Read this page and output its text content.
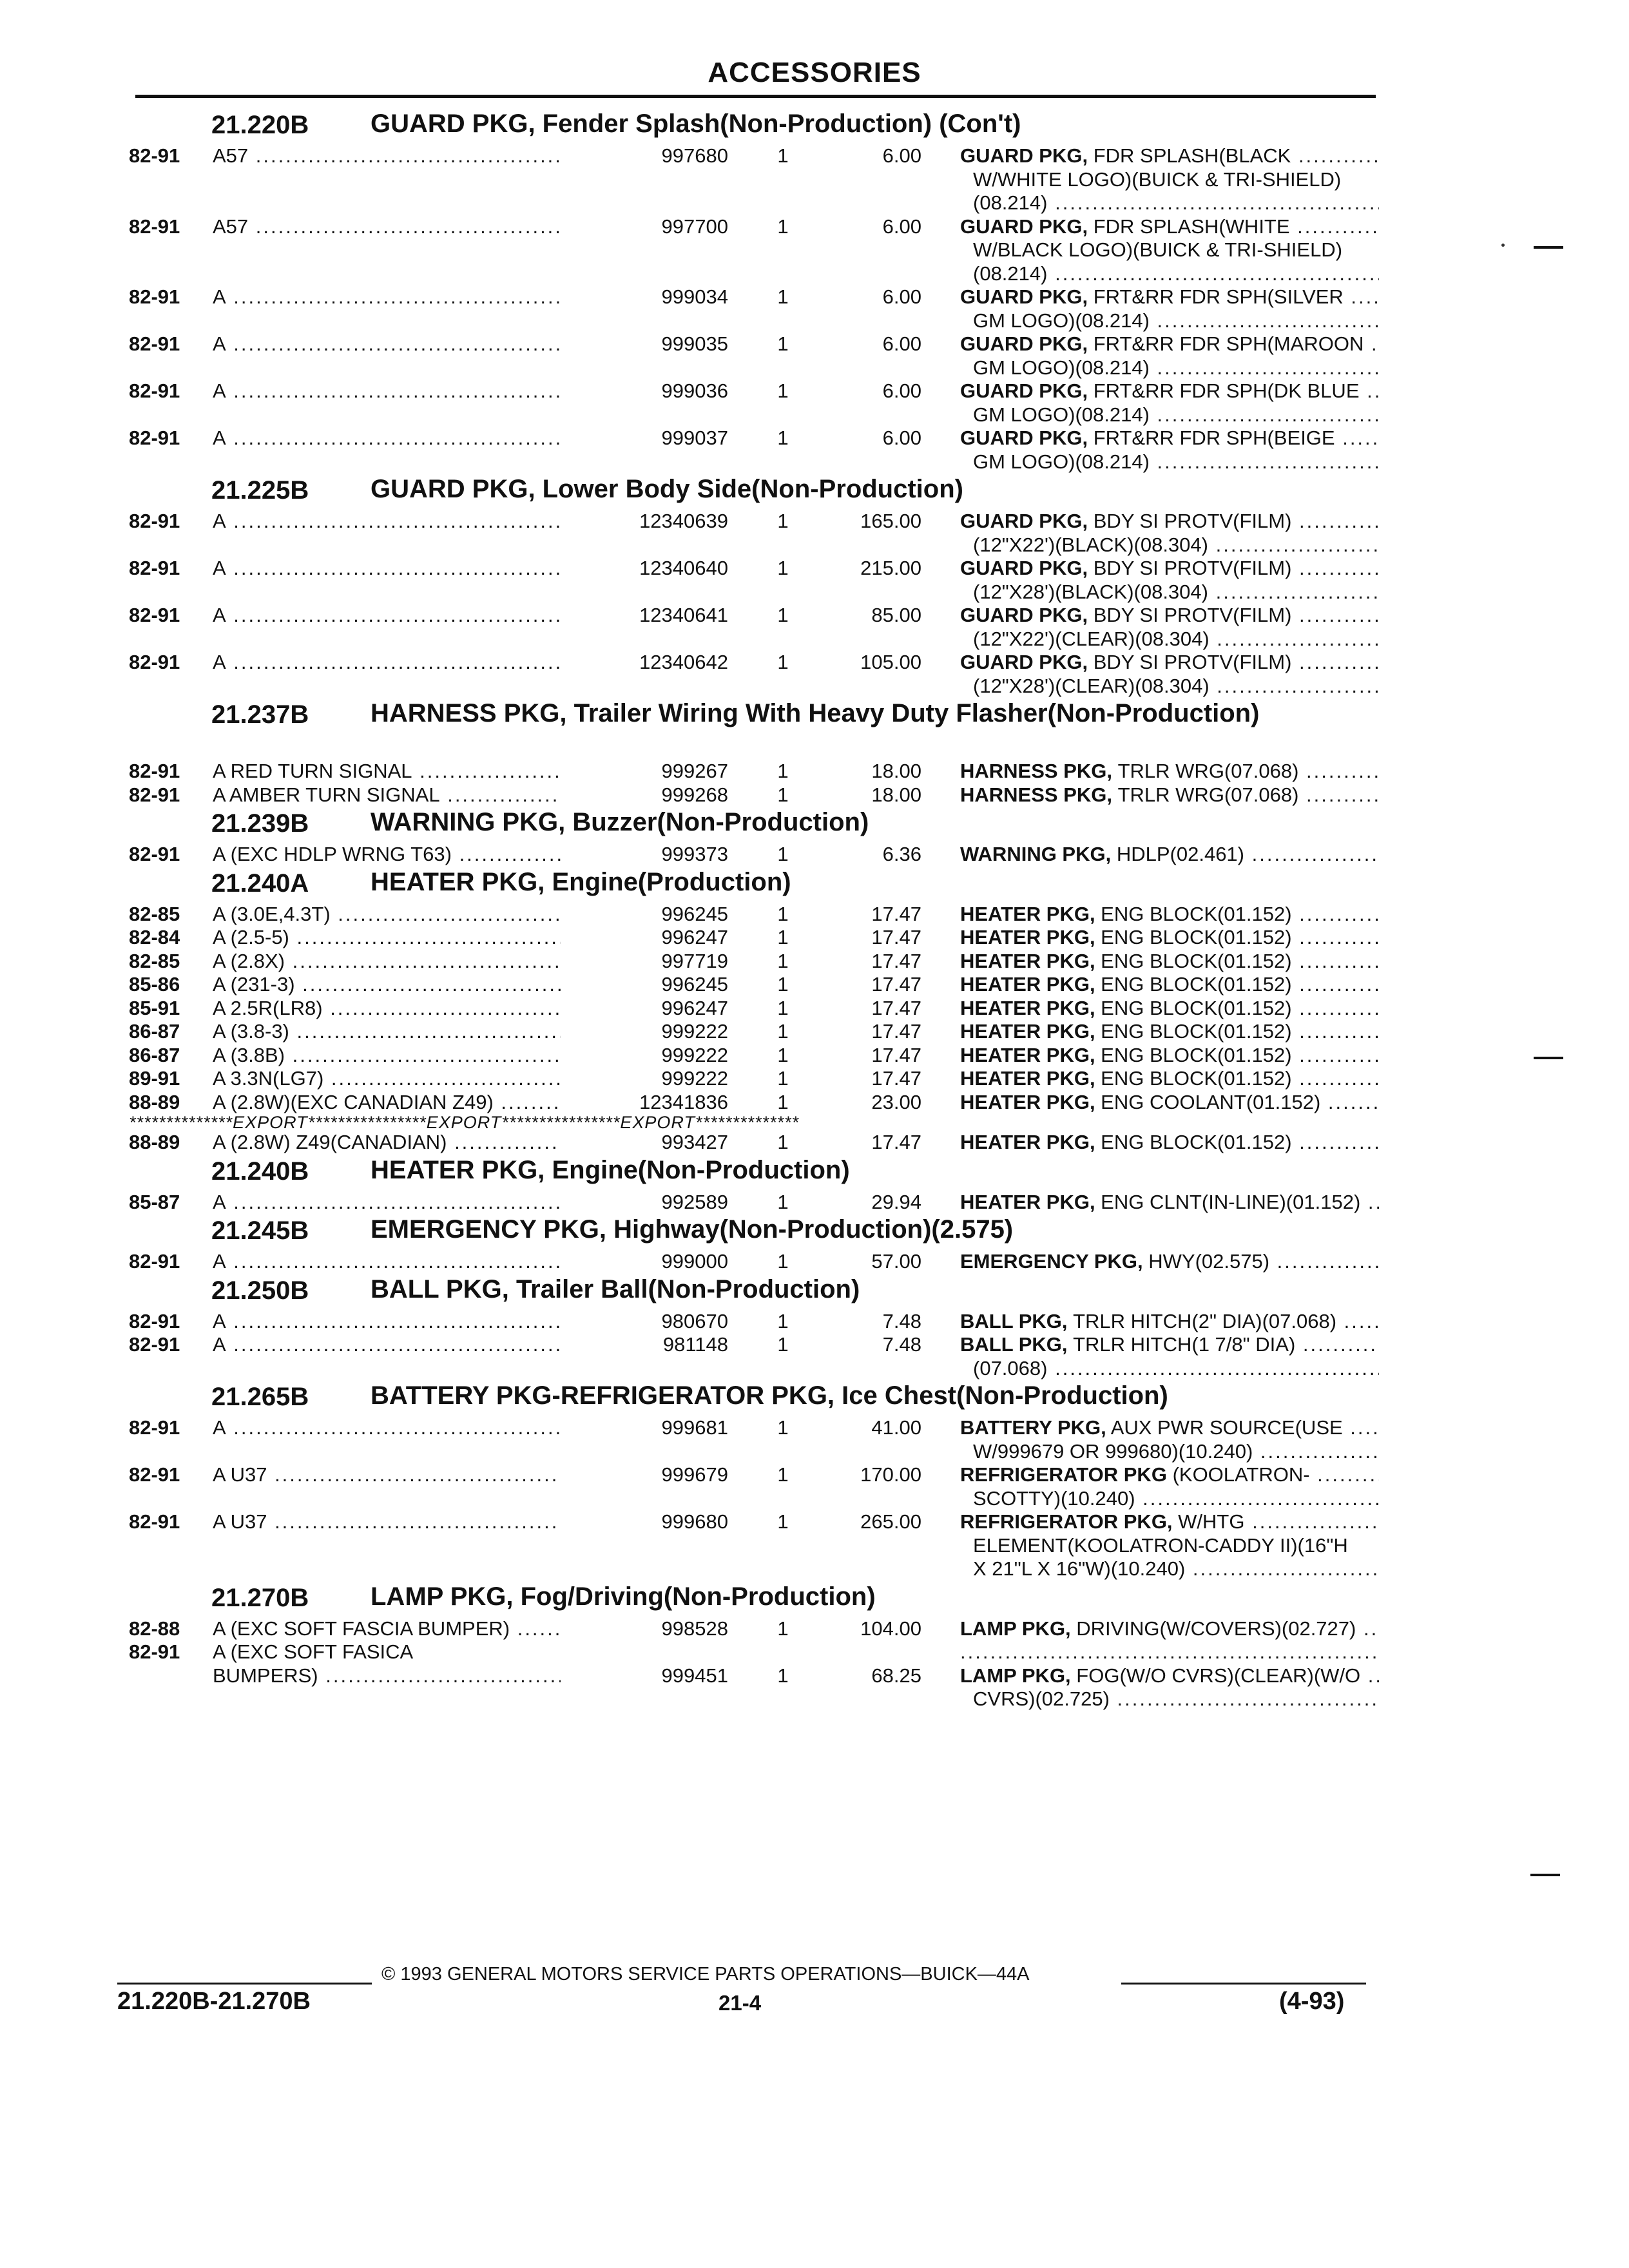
ACCESSORIES
21.220B GUARD PKG, Fender Splash(Non-Production) (Con't)
82-91 A57 .....	997680 1	6.00 GUARD PKG, FDR SPLASH(BLACK .....
W/WHITE LOGO)(BUICK & TRI-SHIELD)
(08.214) .....
82-91 A57 .....	997700 1	6.00 GUARD PKG, FDR SPLASH(WHITE .....
W/BLACK LOGO)(BUICK & TRI-SHIELD)
(08.214) .....
82-91 A .....	999034 1	6.00 GUARD PKG, FRT&RR FDR SPH(SILVER .....
GM LOGO)(08.214) .....
82-91 A .....	999035 1	6.00 GUARD PKG, FRT&RR FDR SPH(MAROON .....
GM LOGO)(08.214) .....
82-91 A .....	999036 1	6.00 GUARD PKG, FRT&RR FDR SPH(DK BLUE .....
GM LOGO)(08.214) .....
82-91 A .....	999037 1	6.00 GUARD PKG, FRT&RR FDR SPH(BEIGE .....
GM LOGO)(08.214) .....
21.225B GUARD PKG, Lower Body Side(Non-Production)
82-91 A .....	12340639 1	165.00 GUARD PKG, BDY SI PROTV(FILM) .....
(12"X22')(BLACK)(08.304) .....
82-91 A .....	12340640 1	215.00 GUARD PKG, BDY SI PROTV(FILM) .....
(12"X28')(BLACK)(08.304) .....
82-91 A .....	12340641 1	85.00 GUARD PKG, BDY SI PROTV(FILM) .....
(12"X22')(CLEAR)(08.304) .....
82-91 A .....	12340642 1	105.00 GUARD PKG, BDY SI PROTV(FILM) .....
(12"X28')(CLEAR)(08.304) .....
21.237B HARNESS PKG, Trailer Wiring With Heavy Duty Flasher(Non-Production)
82-91 A RED TURN SIGNAL .....	999267 1	18.00 HARNESS PKG, TRLR WRG(07.068) .....
82-91 A AMBER TURN SIGNAL .....	999268 1	18.00 HARNESS PKG, TRLR WRG(07.068) .....
21.239B WARNING PKG, Buzzer(Non-Production)
82-91 A (EXC HDLP WRNG T63) .....	999373 1	6.36 WARNING PKG, HDLP(02.461) .....
21.240A HEATER PKG, Engine(Production)
82-85 A (3.0E,4.3T) .....	996245 1	17.47 HEATER PKG, ENG BLOCK(01.152) .....
82-84 A (2.5-5) .....	996247 1	17.47 HEATER PKG, ENG BLOCK(01.152) .....
82-85 A (2.8X) .....	997719 1	17.47 HEATER PKG, ENG BLOCK(01.152) .....
85-86 A (231-3) .....	996245 1	17.47 HEATER PKG, ENG BLOCK(01.152) .....
85-91 A 2.5R(LR8) .....	996247 1	17.47 HEATER PKG, ENG BLOCK(01.152) .....
86-87 A (3.8-3) .....	999222 1	17.47 HEATER PKG, ENG BLOCK(01.152) .....
86-87 A (3.8B) .....	999222 1	17.47 HEATER PKG, ENG BLOCK(01.152) .....
89-91 A 3.3N(LG7) .....	999222 1	17.47 HEATER PKG, ENG BLOCK(01.152) .....
88-89 A (2.8W)(EXC CANADIAN Z49) .....	12341836 1	23.00 HEATER PKG, ENG COOLANT(01.152) .....
**************EXPORT****************EXPORT****************EXPORT**************
88-89 A (2.8W) Z49(CANADIAN) .....	993427 1	17.47 HEATER PKG, ENG BLOCK(01.152) .....
21.240B HEATER PKG, Engine(Non-Production)
85-87 A .....	992589 1	29.94 HEATER PKG, ENG CLNT(IN-LINE)(01.152) .....
21.245B EMERGENCY PKG, Highway(Non-Production)(2.575)
82-91 A .....	999000 1	57.00 EMERGENCY PKG, HWY(02.575) .....
21.250B BALL PKG, Trailer Ball(Non-Production)
82-91 A .....	980670 1	7.48 BALL PKG, TRLR HITCH(2" DIA)(07.068) .....
82-91 A .....	981148 1	7.48 BALL PKG, TRLR HITCH(1 7/8" DIA) .....
(07.068) .....
21.265B BATTERY PKG-REFRIGERATOR PKG, Ice Chest(Non-Production)
82-91 A .....	999681 1	41.00 BATTERY PKG, AUX PWR SOURCE(USE .....
W/999679 OR 999680)(10.240) .....
82-91 A U37 .....	999679 1	170.00 REFRIGERATOR PKG (KOOLATRON- .....
SCOTTY)(10.240) .....
82-91 A U37 .....	999680 1	265.00 REFRIGERATOR PKG, W/HTG .....
ELEMENT(KOOLATRON-CADDY II)(16"H
X 21"L X 16"W)(10.240) .....
21.270B LAMP PKG, Fog/Driving(Non-Production)
82-88 A (EXC SOFT FASCIA BUMPER) .....	998528 1	104.00 LAMP PKG, DRIVING(W/COVERS)(02.727) .....
82-91 A (EXC SOFT FASICA
.....
BUMPERS) .....	999451 1	68.25 LAMP PKG, FOG(W/O CVRS)(CLEAR)(W/O .....
CVRS)(02.725) .....
© 1993 GENERAL MOTORS SERVICE PARTS OPERATIONS—BUICK—44A
21.220B-21.270B	21-4	(4-93)
